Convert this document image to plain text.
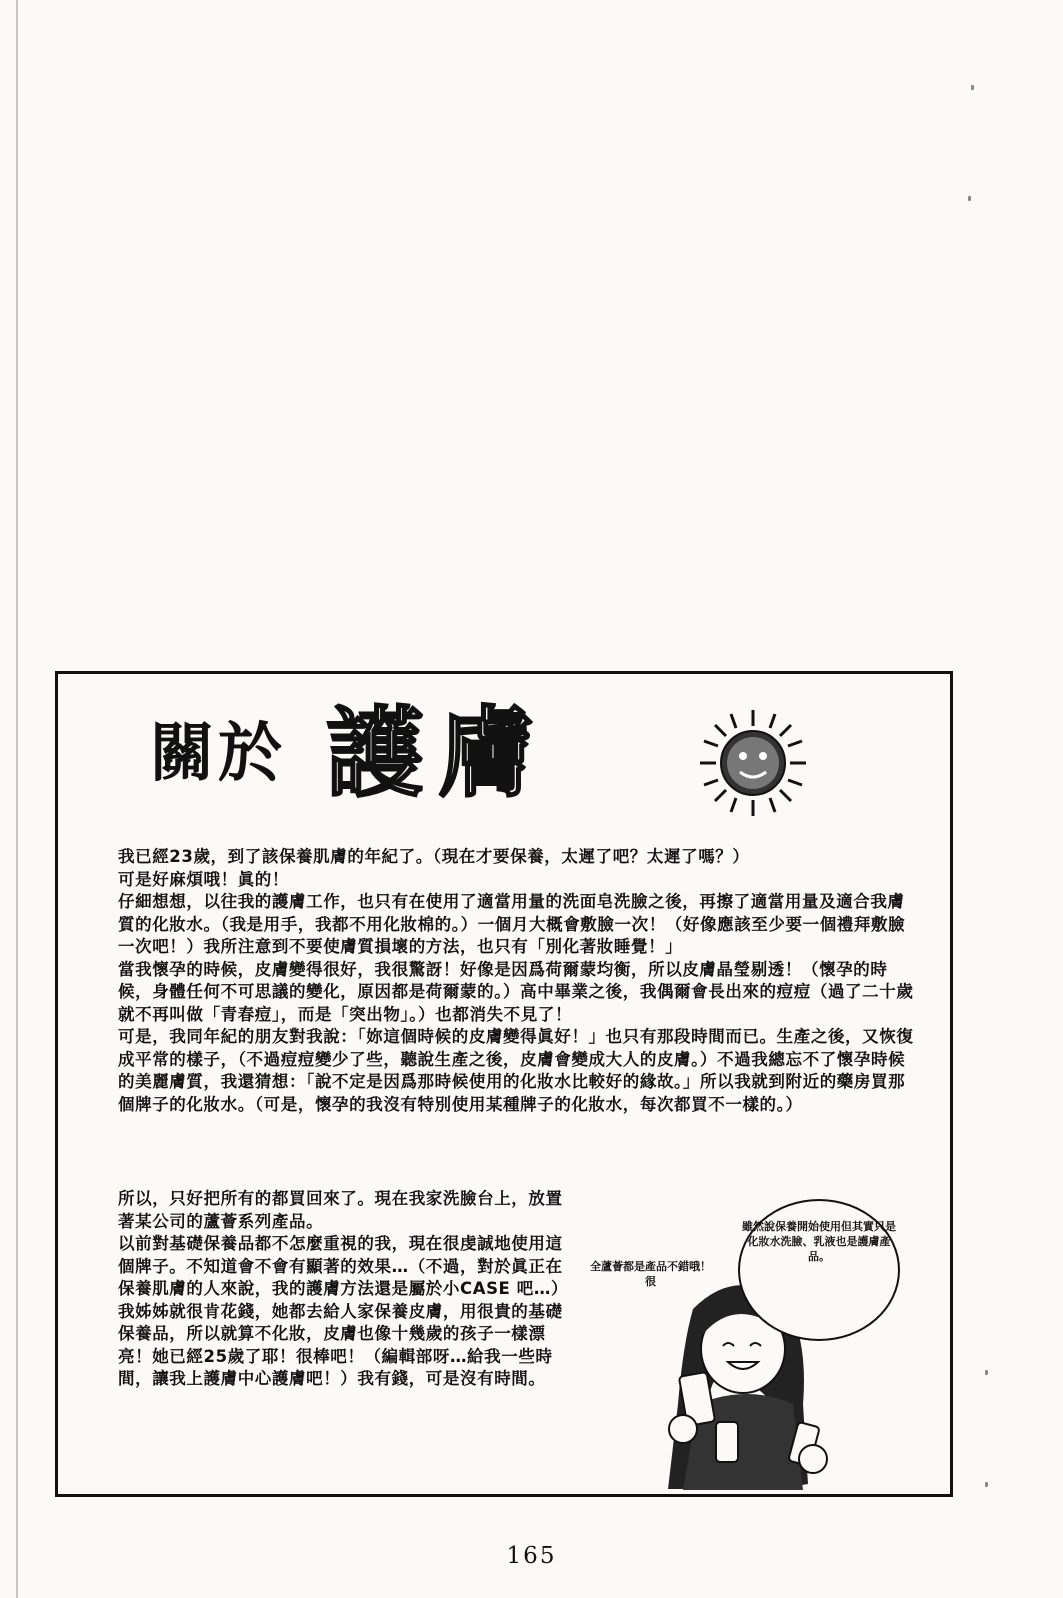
關於 護膚

我已經23歲，到了該保養肌膚的年紀了。（現在才要保養，太遲了吧？太遲了嗎？）

可是好麻煩哦！眞的！

仔細想想，以往我的護膚工作，也只有在使用了適當用量的洗面皂洗臉之後，再擦了適當用量及適合我膚質的化妝水。（我是用手，我都不用化妝棉的。）一個月大概會敷臉一次！（好像應該至少要一個禮拜敷臉一次吧！）我所注意到不要使膚質損壞的方法，也只有「別化著妝睡覺！」

當我懷孕的時候，皮膚變得很好，我很驚訝！好像是因爲荷爾蒙均衡，所以皮膚晶瑩剔透！（懷孕的時候，身體任何不可思議的變化，原因都是荷爾蒙的。）高中畢業之後，我偶爾會長出來的痘痘（過了二十歲就不再叫做「青春痘」，而是「突出物」。）也都消失不見了！

可是，我同年紀的朋友對我說：「妳這個時候的皮膚變得眞好！」也只有那段時間而已。生產之後，又恢復成平常的樣子，（不過痘痘變少了些，聽說生產之後，皮膚會變成大人的皮膚。）不過我總忘不了懷孕時候的美麗膚質，我還猜想：「說不定是因爲那時候使用的化妝水比較好的緣故。」所以我就到附近的藥房買那個牌子的化妝水。（可是，懷孕的我沒有特別使用某種牌子的化妝水，每次都買不一樣的。）

所以，只好把所有的都買回來了。現在我家洗臉台上，放置著某公司的蘆薈系列產品。

以前對基礎保養品都不怎麼重視的我，現在很虔誠地使用這個牌子。不知道會不會有顯著的效果…（不過，對於眞正在保養肌膚的人來說，我的護膚方法還是屬於小CASE 吧…）

我姊姊就很肯花錢，她都去給人家保養皮膚，用很貴的基礎保養品，所以就算不化妝，皮膚也像十幾歲的孩子一樣漂亮！她已經25歲了耶！很棒吧！（編輯部呀…給我一些時間，讓我上護膚中心護膚吧！）我有錢，可是沒有時間。

全蘆薈都是產品不錯哦！很
雖然說保養開始使用但其實只是化妝水洗臉、乳液也是護膚產品。
165
